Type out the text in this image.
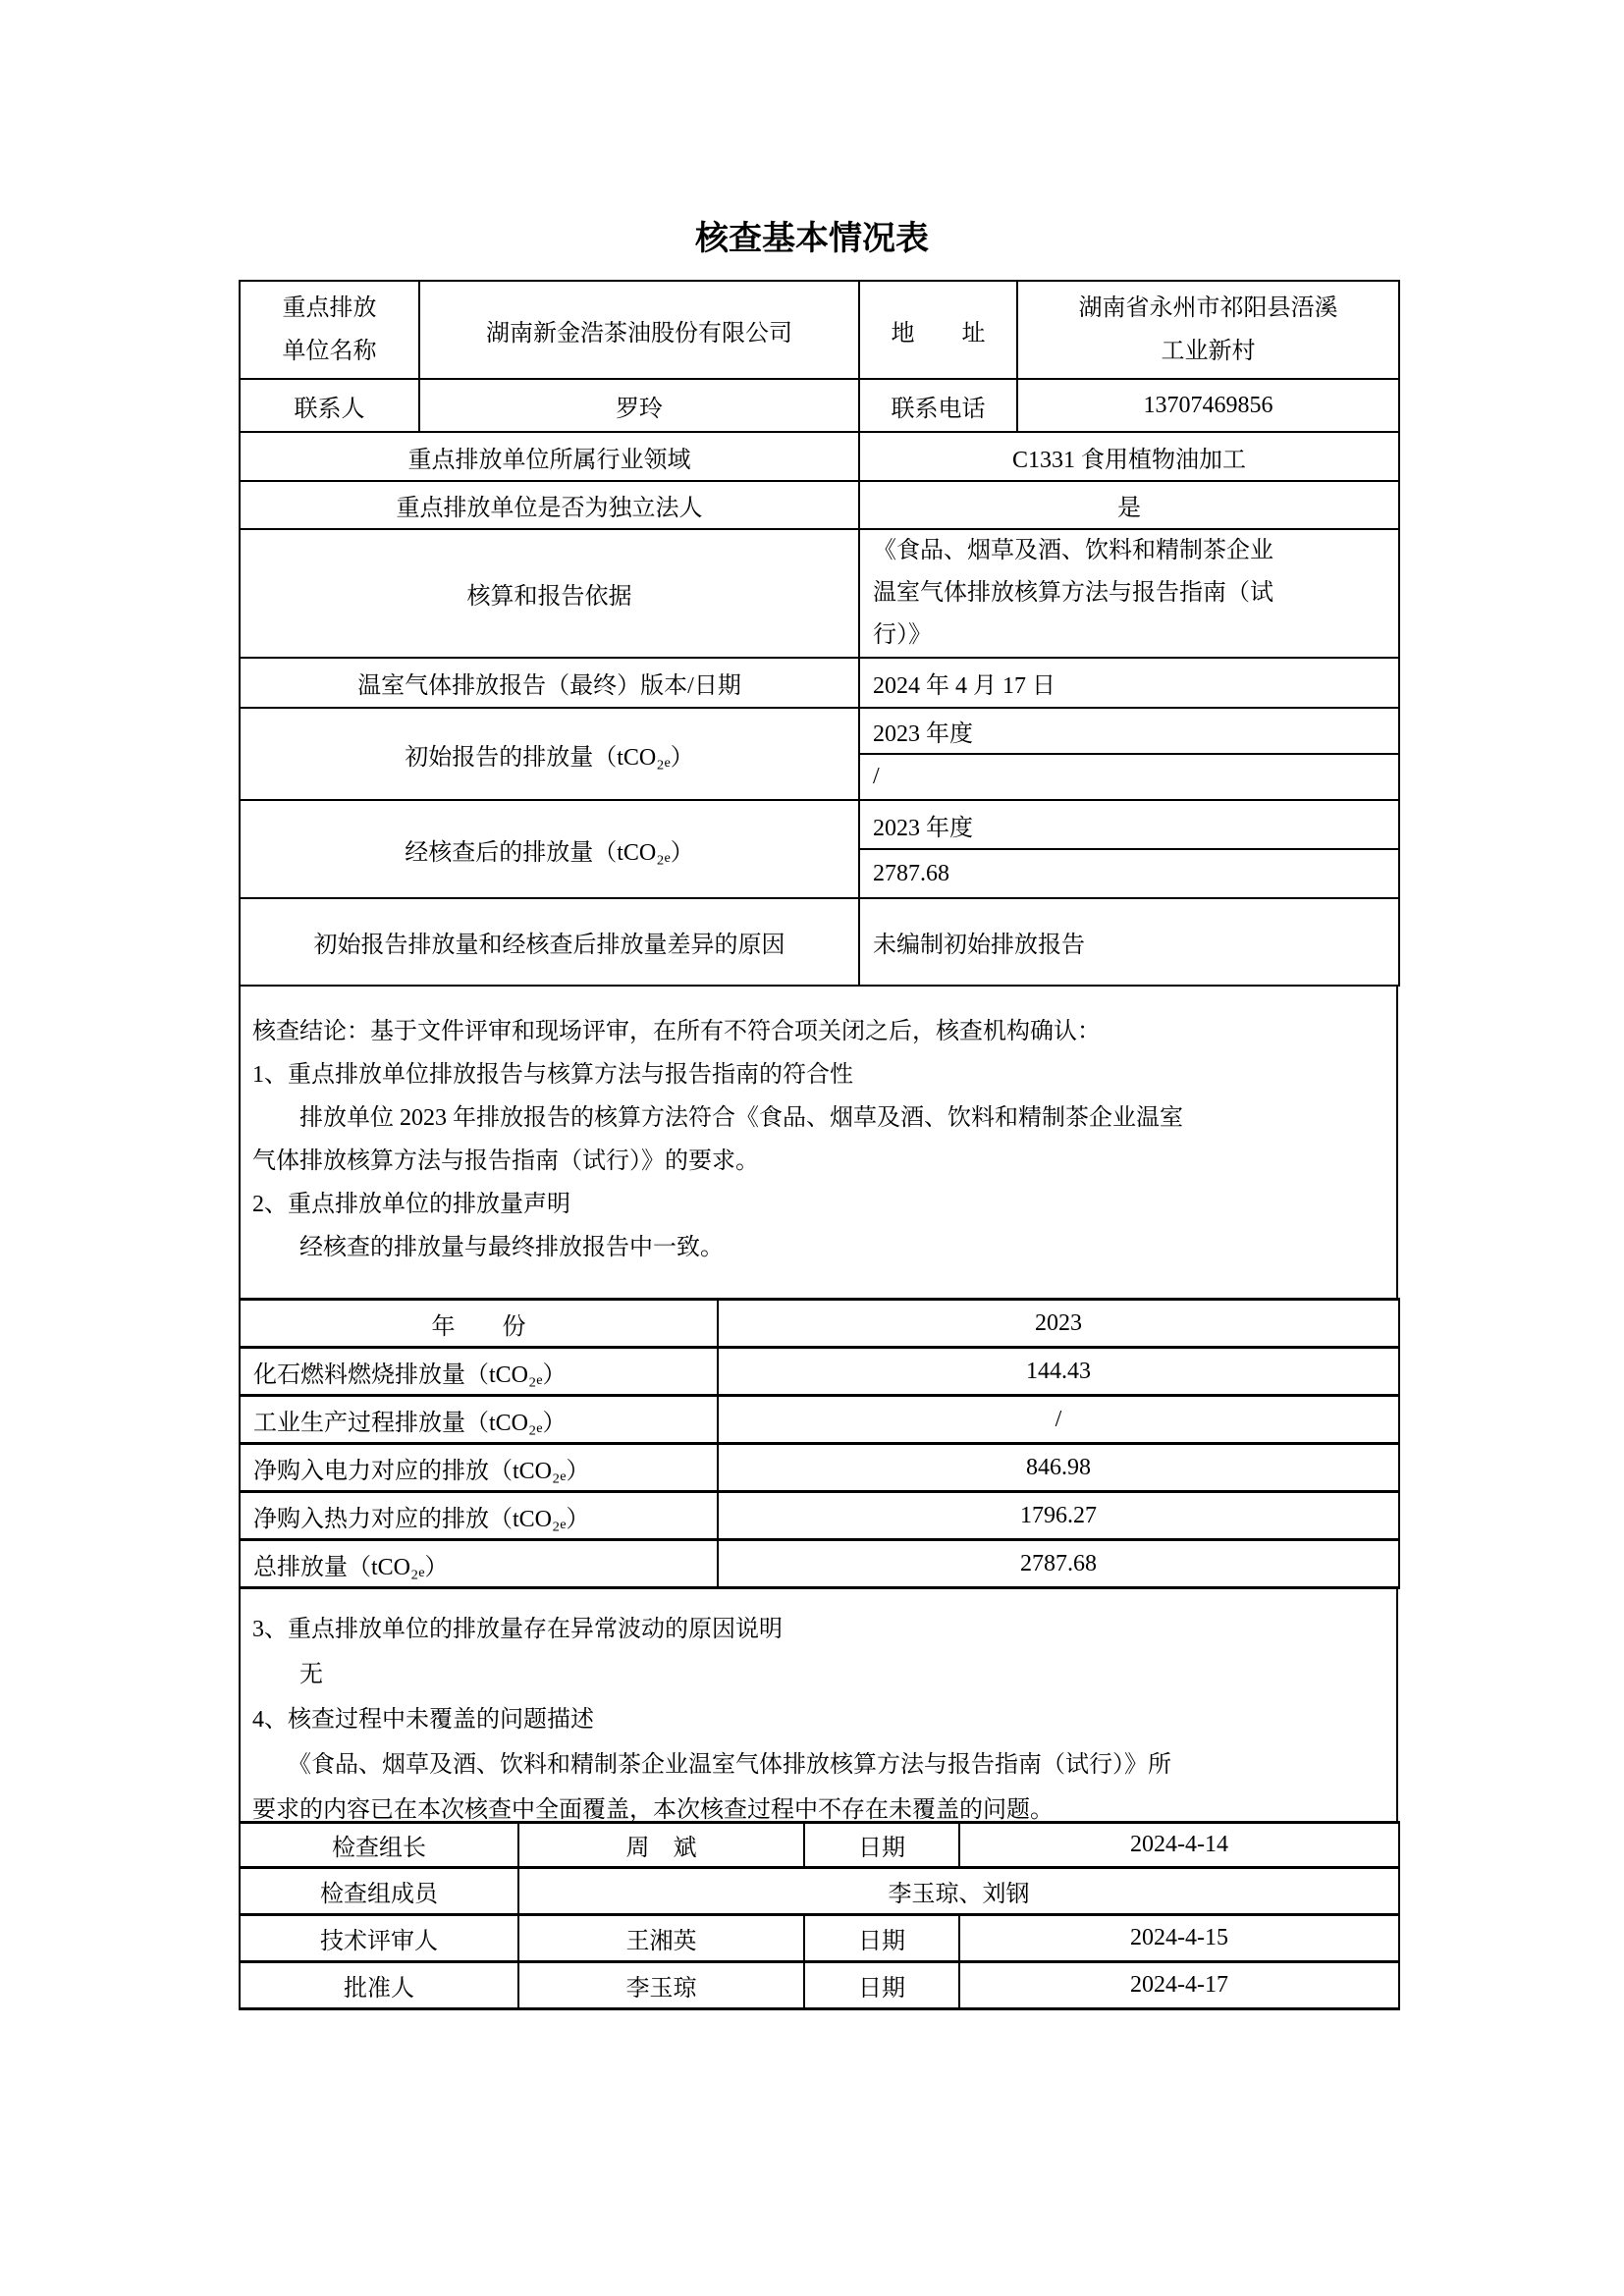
核查基本情况表
重点排放
单位名称
	湖南新金浩茶油股份有限公司	地　　址	
湖南省永州市祁阳县浯溪
工业新村

联系人	罗玲	联系电话	13707469856
重点排放单位所属行业领域		C1331 食用植物油加工	
重点排放单位是否为独立法人		是	
核算和报告依据		《食品、烟草及酒、饮料和精制茶企业
温室气体排放核算方法与报告指南（试
行）》	

温室气体排放报告（最终）版本/日期		2024 年 4 月 17 日	
初始报告的排放量（tCO₂ₑ）		2023 年度	
		/	
经核查后的排放量（tCO₂ₑ）		2023 年度	
		2787.68	
初始报告排放量和经核查后排放量差异的原因		未编制初始排放报告	
核查结论：基于文件评审和现场评审，在所有不符合项关闭之后，核查机构确认：
1、重点排放单位排放报告与核算方法与报告指南的符合性
　　排放单位 2023 年排放报告的核算方法符合《食品、烟草及酒、饮料和精制茶企业温室
气体排放核算方法与报告指南（试行）》的要求。
2、重点排放单位的排放量声明
　　经核查的排放量与最终排放报告中一致。
年　　份	2023
化石燃料燃烧排放量（tCO₂ₑ）	144.43
工业生产过程排放量（tCO₂ₑ）	/
净购入电力对应的排放（tCO₂ₑ）	846.98
净购入热力对应的排放（tCO₂ₑ）	1796.27
总排放量（tCO₂ₑ）	2787.68
3、重点排放单位的排放量存在异常波动的原因说明
　　无
4、核查过程中未覆盖的问题描述
　　《食品、烟草及酒、饮料和精制茶企业温室气体排放核算方法与报告指南（试行）》所
要求的内容已在本次核查中全面覆盖，本次核查过程中不存在未覆盖的问题。
检查组长	周　斌	日期	2024-4-14
检查组成员	李玉琼、刘钢		
技术评审人	王湘英	日期	2024-4-15
批准人	李玉琼	日期	2024-4-17
